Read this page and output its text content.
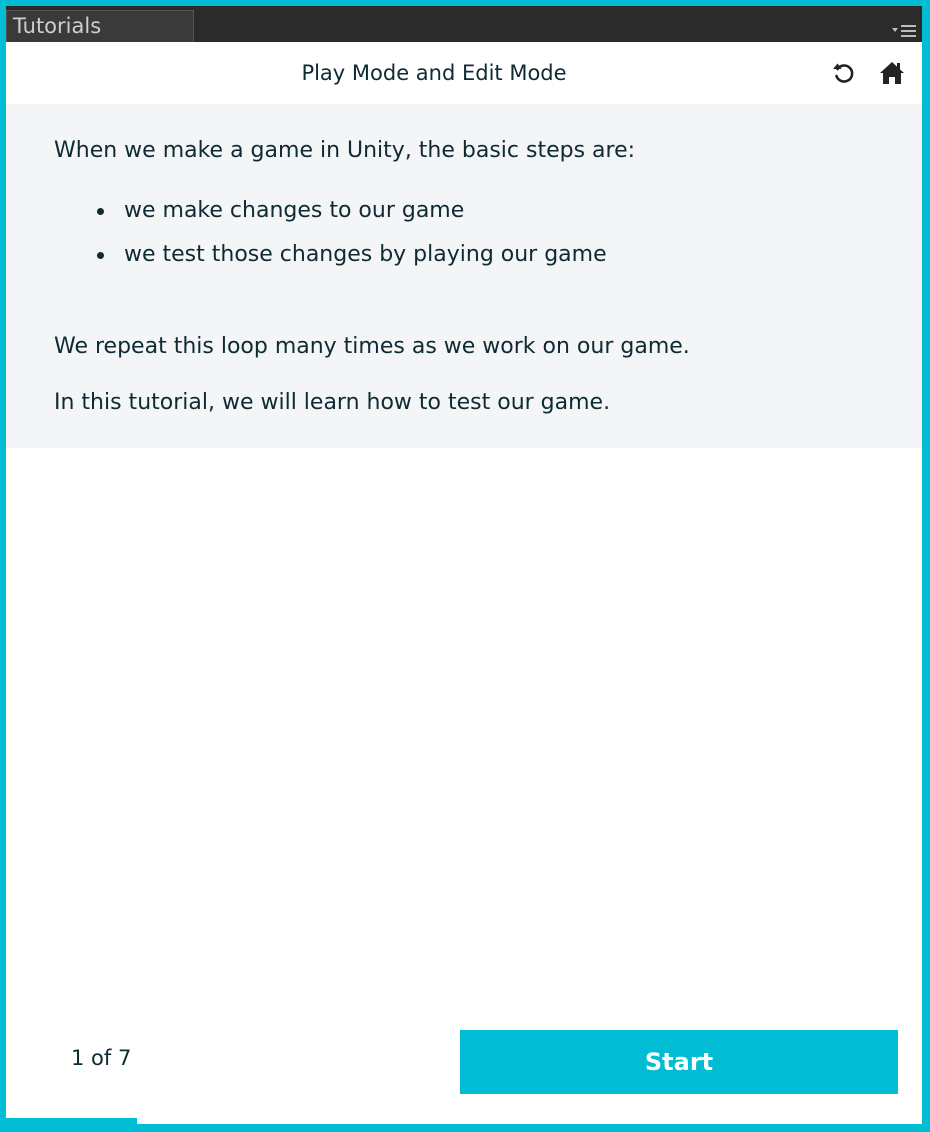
Tutorials
Play Mode and Edit Mode

When we make a game in Unity, the basic steps are:

we make changes to our game
we test those changes by playing our game

We repeat this loop many times as we work on our game.

In this tutorial, we will learn how to test our game.

1 of 7	Start
